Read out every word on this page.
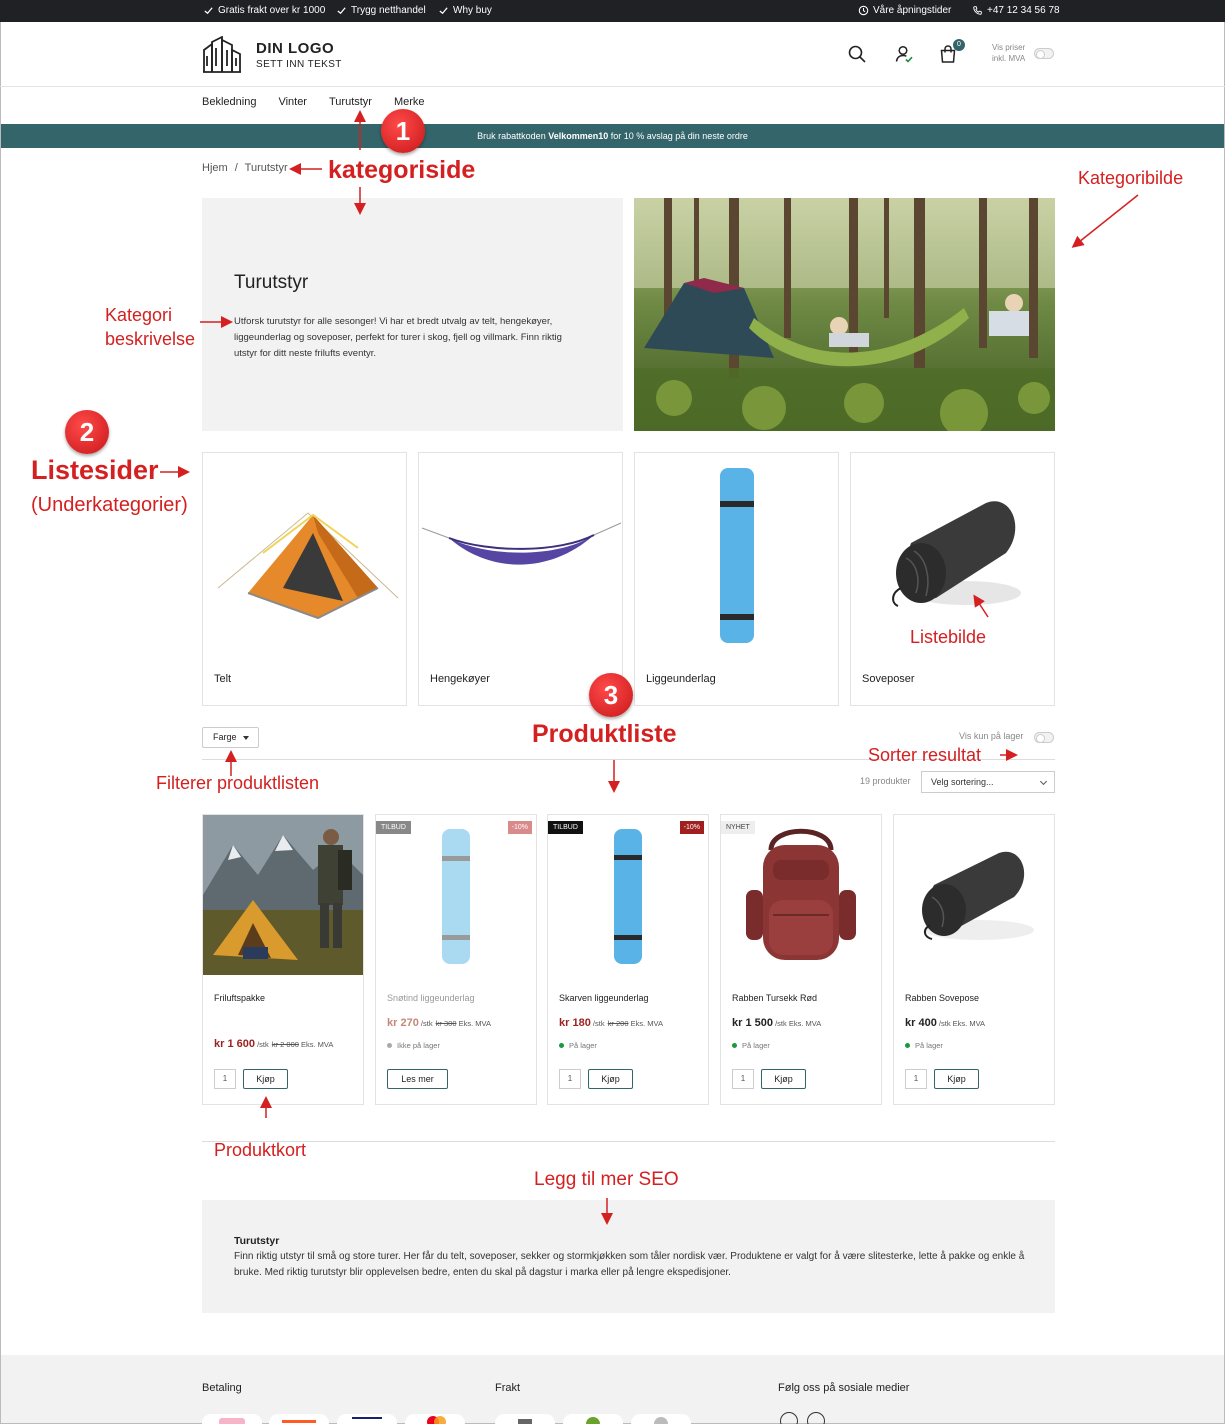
Gratis frakt over kr 1000	Trygg netthandel	Why buy	Våre åpningstider	+47 12 34 56 78
DIN LOGO
SETT INN TEKST
0	Vis priser
inkl. MVA
Bekledning Vinter Turutstyr Merke
Bruk rabattkoden Velkommen10 for 10 % avslag på din neste ordre
Hjem / Turutstyr
Turutstyr

Utforsk turutstyr for alle sesonger! Vi har et bredt utvalg av telt, hengekøyer, liggeunderlag og soveposer, perfekt for turer i skog, fjell og villmark. Finn riktig utstyr for ditt neste frilufts eventyr.

Telt	Hengekøyer	Liggeunderlag	Soveposer
Farge	Vis kun på lager
19 produkter	Velg sortering...
Friluftspakke
kr 1 600 /stk kr 2 000 Eks. MVA
1	Kjøp
TILBUD	-10%
Snøtind liggeunderlag
kr 270 /stk kr 300 Eks. MVA
Ikke på lager
Les mer
TILBUD	-10%
Skarven liggeunderlag
kr 180 /stk kr 200 Eks. MVA
På lager
1	Kjøp
NYHET
Rabben Tursekk Rød
kr 1 500 /stk Eks. MVA
På lager
1	Kjøp
Rabben Sovepose
kr 400 /stk Eks. MVA
På lager
1	Kjøp
Turutstyr

Finn riktig utstyr til små og store turer. Her får du telt, soveposer, sekker og stormkjøkken som tåler nordisk vær. Produktene er valgt for å være slitesterke, lette å pakke og enkle å bruke. Med riktig turutstyr blir opplevelsen bedre, enten du skal på dagstur i marka eller på lengre ekspedisjoner.

Betaling	Frakt	Følg oss på sosiale medier
1
2
3
kategoriside	Kategoribilde
Kategori
beskrivelse
Listesider
(Underkategorier)
Listebilde
Produktliste
Sorter resultat
Filterer produktlisten
Produktkort
Legg til mer SEO
